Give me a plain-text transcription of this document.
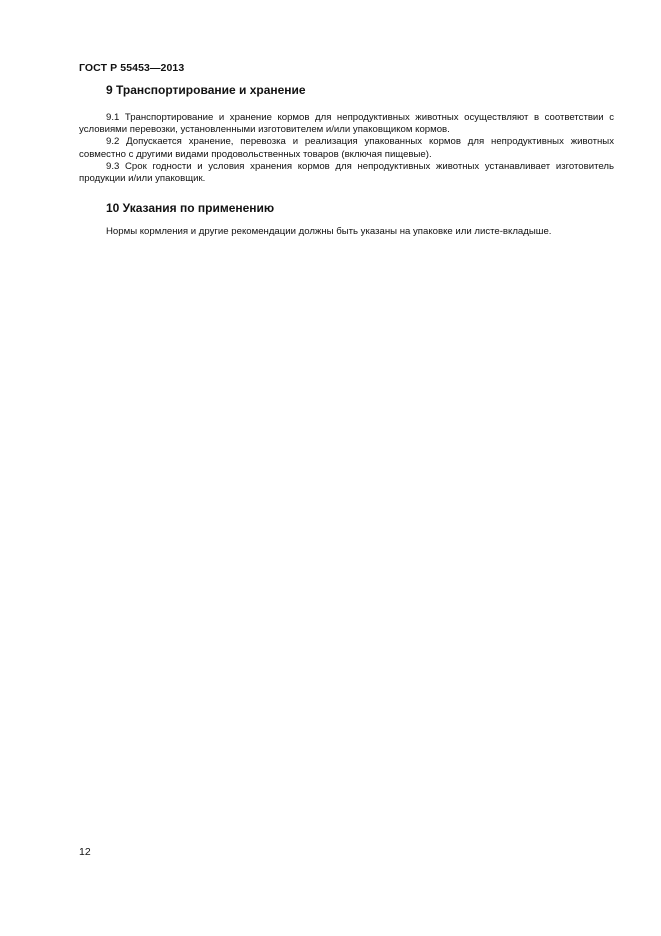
ГОСТ Р 55453—2013
9 Транспортирование и хранение

9.1 Транспортирование и хранение кормов для непродуктивных животных осуществляют в соответствии с условиями перевозки, установленными изготовителем и/или упаковщиком кормов.

9.2 Допускается хранение, перевозка и реализация упакованных кормов для непродуктивных животных совместно с другими видами продовольственных товаров (включая пищевые).

9.3 Срок годности и условия хранения кормов для непродуктивных животных устанавливает изготовитель продукции и/или упаковщик.

10 Указания по применению

Нормы кормления и другие рекомендации должны быть указаны на упаковке или листе-вкладыше.

12
